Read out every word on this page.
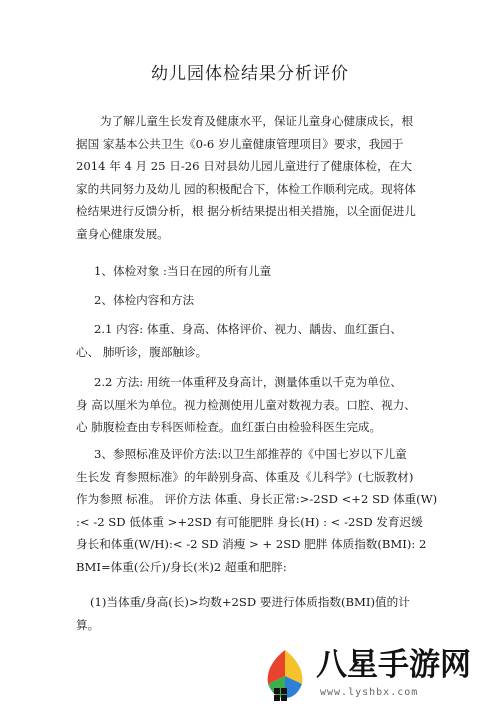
幼儿园体检结果分析评价

为了解儿童生长发育及健康水平，保证儿童身心健康成长，根
据国 家基本公共卫生《0-6 岁儿童健康管理项目》要求，我园于
2014 年 4 月 25 日-26 日对县幼儿园儿童进行了健康体检，在大
家的共同努力及幼儿 园的积极配合下，体检工作顺利完成。现将体
检结果进行反馈分析，根 据分析结果提出相关措施，以全面促进儿
童身心健康发展。

1、体检对象 :当日在园的所有儿童

2、体检内容和方法

2.1 内容: 体重、身高、体格评价、视力、龋齿、血红蛋白、
心、 肺听诊，腹部触诊。

2.2 方法: 用统一体重秤及身高计，测量体重以千克为单位、
身 高以厘米为单位。视力检测使用儿童对数视力表。口腔、视力、
心 肺腹检查由专科医师检查。血红蛋白由检验科医生完成。

3、参照标准及评价方法:以卫生部推荐的《中国七岁以下儿童
生长发 育参照标准》的年龄别身高、体重及《儿科学》(七版教材)
作为参照 标准。 评价方法 体重、身长正常:>-2SD <+2 SD 体重(W)
:< -2 SD 低体重 >+2SD 有可能肥胖 身长(H) : < -2SD 发育迟缓
身长和体重(W/H):< -2 SD 消瘦 > + 2SD 肥胖 体质指数(BMI): 2
BMI=体重(公斤)/身长(米)2 超重和肥胖:

(1)当体重/身高(长)>均数+2SD 要进行体质指数(BMI)值的计
算。

八星手游网
www.lyshbx.com
